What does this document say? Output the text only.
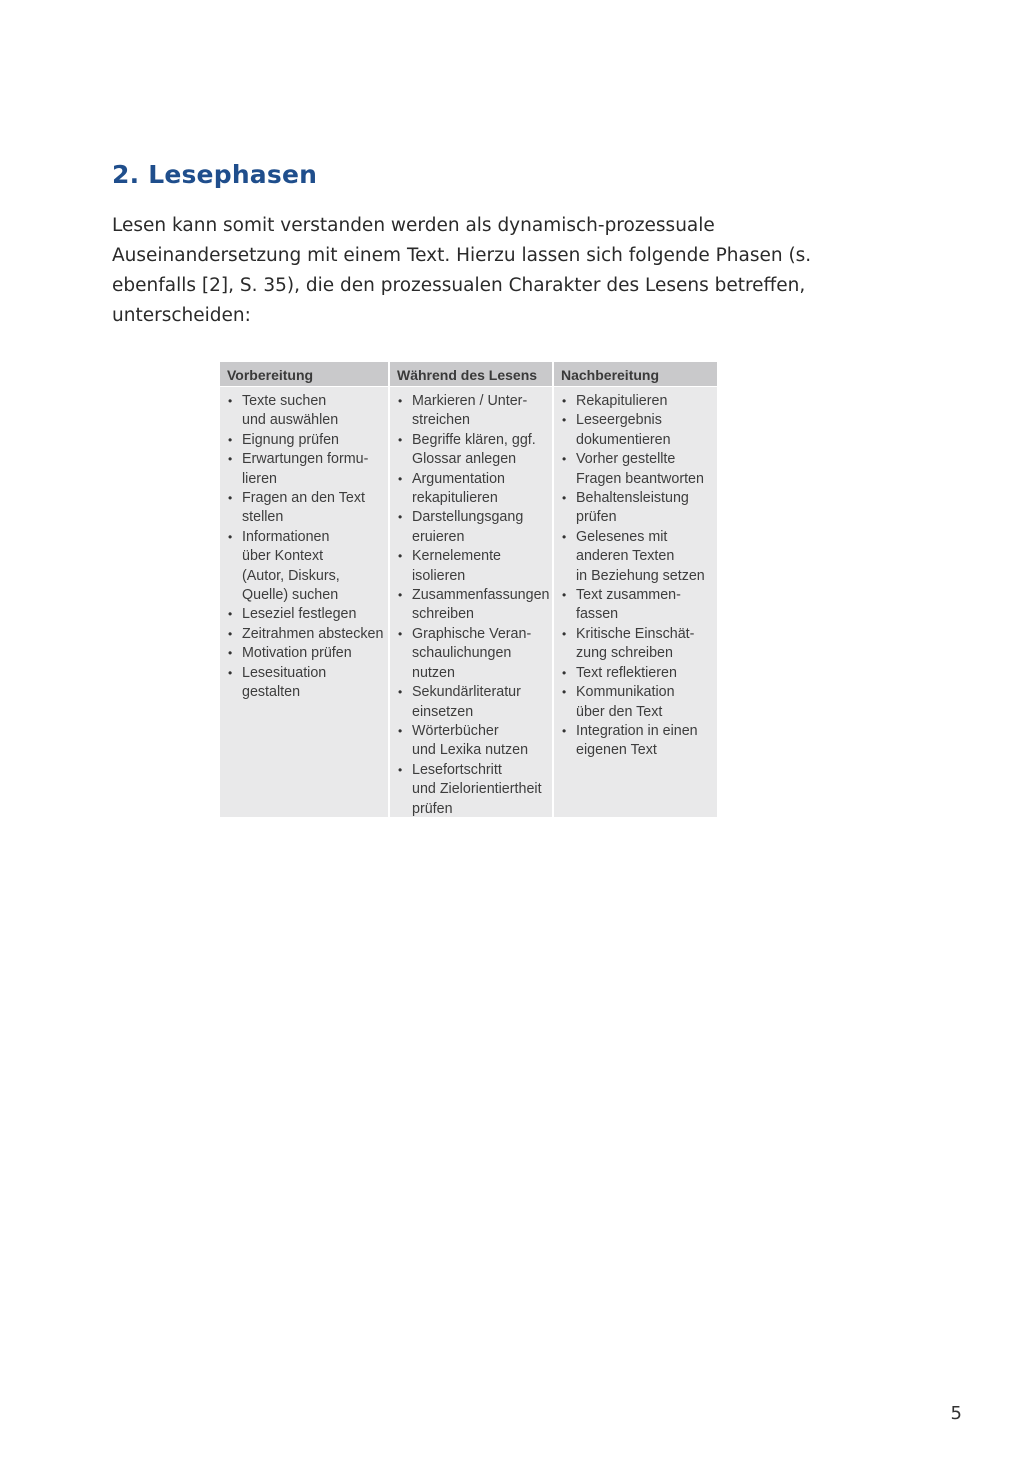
2. Lesephasen

Lesen kann somit verstanden werden als dynamisch-prozessuale
Auseinandersetzung mit einem Text. Hierzu lassen sich folgende Phasen (s.
ebenfalls [2], S. 35), die den prozessualen Charakter des Lesens betreffen,
unterscheiden:

Vorbereitung
• Texte suchen
und auswählen
• Eignung prüfen
• Erwartungen formu-
lieren
• Fragen an den Text
stellen
• Informationen
über Kontext
(Autor, Diskurs,
Quelle) suchen
• Leseziel festlegen
• Zeitrahmen abstecken
• Motivation prüfen
• Lesesituation
gestalten
Während des Lesens
• Markieren / Unter-
streichen
• Begriffe klären, ggf.
Glossar anlegen
• Argumentation
rekapitulieren
• Darstellungsgang
eruieren
• Kernelemente
isolieren
• Zusammenfassungen
schreiben
• Graphische Veran-
schaulichungen
nutzen
• Sekundärliteratur
einsetzen
• Wörterbücher
und Lexika nutzen
• Lesefortschritt
und Zielorientiertheit
prüfen
Nachbereitung
• Rekapitulieren
• Leseergebnis
dokumentieren
• Vorher gestellte
Fragen beantworten
• Behaltensleistung
prüfen
• Gelesenes mit
anderen Texten
in Beziehung setzen
• Text zusammen-
fassen
• Kritische Einschät-
zung schreiben
• Text reflektieren
• Kommunikation
über den Text
• Integration in einen
eigenen Text
5
